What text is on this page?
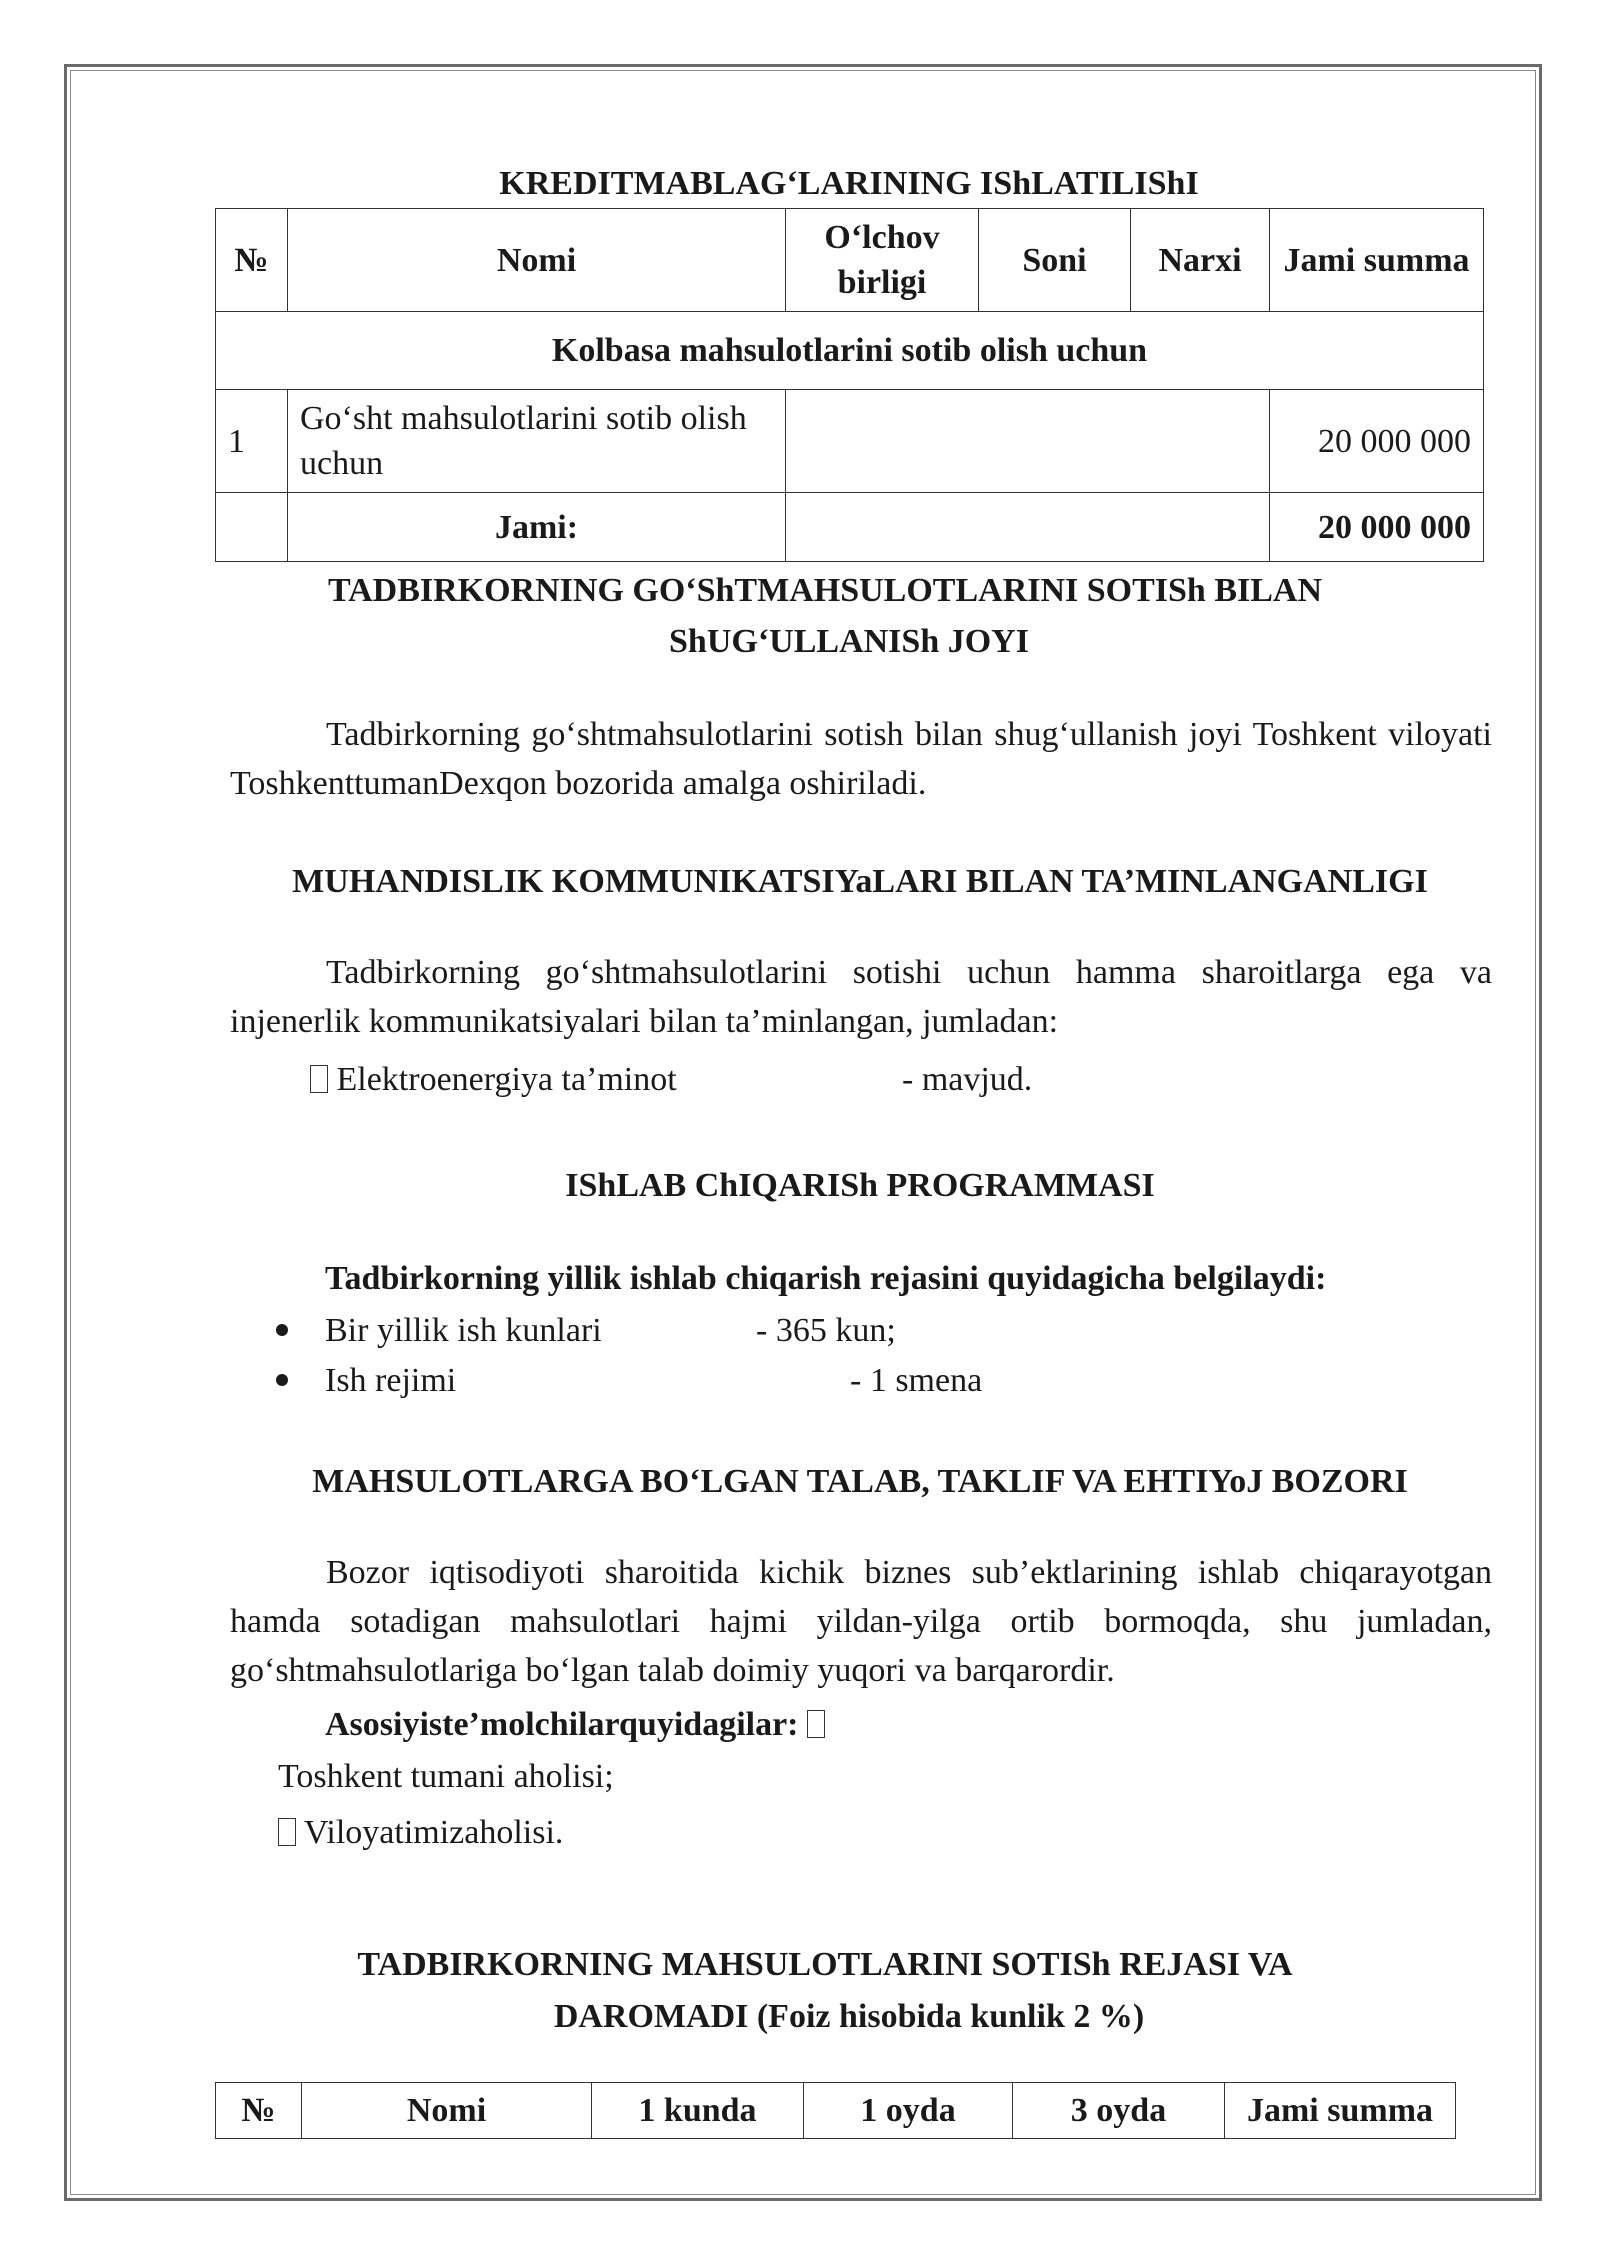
KREDITMABLAG‘LARINING IShLATILIShI
№	Nomi	O‘lchov birligi	Soni	Narxi	Jami summa
Kolbasa mahsulotlarini sotib olish uchun					
1	Go‘sht mahsulotlarini sotib olish uchun				20 000 000
	Jami:				20 000 000
TADBIRKORNING GO‘ShTMAHSULOTLARINI SOTISh BILAN
ShUG‘ULLANISh JOYI
Tadbirkorning go‘shtmahsulotlarini sotish bilan shug‘ullanish joyi Toshkent viloyati ToshkenttumanDexqon bozorida amalga oshiriladi.
MUHANDISLIK KOMMUNIKATSIYaLARI BILAN TA’MINLANGANLIGI
Tadbirkorning go‘shtmahsulotlarini sotishi uchun hamma sharoitlarga ega va injenerlik kommunikatsiyalari bilan ta’minlangan, jumladan:
Elektroenergiya ta’minot	- mavjud.
IShLAB ChIQARISh PROGRAMMASI
Tadbirkorning yillik ishlab chiqarish rejasini quyidagicha belgilaydi:
Bir yillik ish kunlari	- 365 kun;
Ish rejimi	- 1 smena
MAHSULOTLARGA BO‘LGAN TALAB, TAKLIF VA EHTIYoJ BOZORI
Bozor iqtisodiyoti sharoitida kichik biznes sub’ektlarining ishlab chiqarayotgan hamda sotadigan mahsulotlari hajmi yildan-yilga ortib bormoqda, shu jumladan, go‘shtmahsulotlariga bo‘lgan talab doimiy yuqori va barqarordir.
Asosiyiste’molchilarquyidagilar:
Toshkent tumani aholisi;
Viloyatimizaholisi.
TADBIRKORNING MAHSULOTLARINI SOTISh REJASI VA
DAROMADI (Foiz hisobida kunlik 2 %)
№	Nomi	1 kunda	1 oyda	3 oyda	Jami summa
